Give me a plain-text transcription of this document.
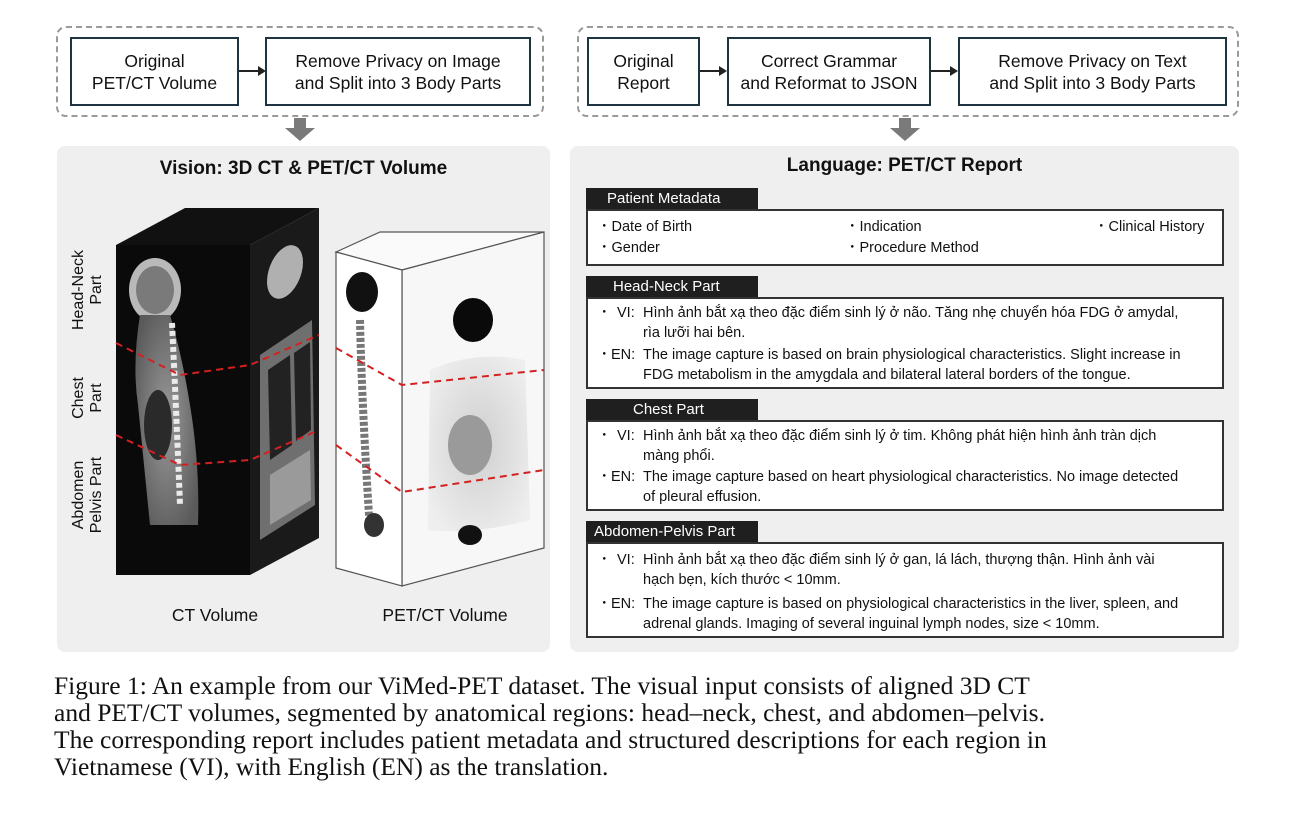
Original
PET/CT Volume
Remove Privacy on Image
and Split into 3 Body Parts
Original
Report
Correct Grammar
and Reformat to JSON
Remove Privacy on Text
and Split into 3 Body Parts
Vision: 3D CT & PET/CT Volume
Head-Neck
Part
Chest
Part
Abdomen
Pelvis Part
CT Volume	PET/CT Volume
Language: PET/CT Report
Patient Metadata
・Date of Birth
・Gender
・Indication
・Procedure Method
・Clinical History
Head-Neck Part
・ VI: Hình ảnh bắt xạ theo đặc điểm sinh lý ở não. Tăng nhẹ chuyển hóa FDG ở amydal,
rìa lưỡi hai bên.
・ EN: The image capture is based on brain physiological characteristics. Slight increase in
FDG metabolism in the amygdala and bilateral lateral borders of the tongue.
Chest Part
・ VI: Hình ảnh bắt xạ theo đặc điểm sinh lý ở tim. Không phát hiện hình ảnh tràn dịch
màng phổi.
・ EN: The image capture based on heart physiological characteristics. No image detected
of pleural effusion.
Abdomen-Pelvis Part
・ VI: Hình ảnh bắt xạ theo đặc điểm sinh lý ở gan, lá lách, thượng thận. Hình ảnh vài
hạch bẹn, kích thước < 10mm.
・ EN: The image capture is based on physiological characteristics in the liver, spleen, and
adrenal glands. Imaging of several inguinal lymph nodes, size < 10mm.
Figure 1: An example from our ViMed-PET dataset. The visual input consists of aligned 3D CT
and PET/CT volumes, segmented by anatomical regions: head–neck, chest, and abdomen–pelvis.
The corresponding report includes patient metadata and structured descriptions for each region in
Vietnamese (VI), with English (EN) as the translation.
